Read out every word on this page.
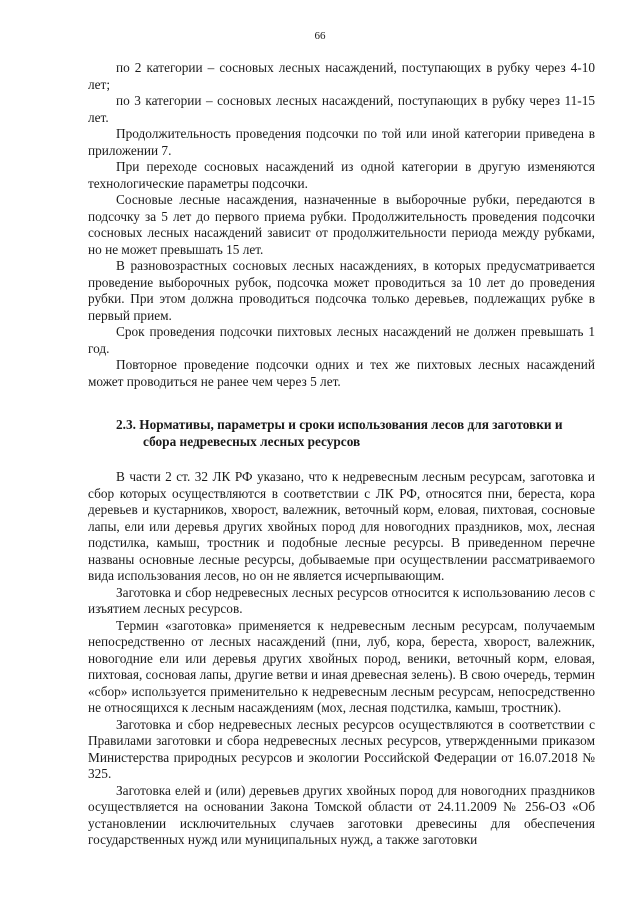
66

по 2 категории – сосновых лесных насаждений, поступающих в рубку через 4-10 лет;

по 3 категории – сосновых лесных насаждений, поступающих в рубку через 11-15 лет.

Продолжительность проведения подсочки по той или иной категории приведена в приложении 7.

При переходе сосновых насаждений из одной категории в другую изменяются технологические параметры подсочки.

Сосновые лесные насаждения, назначенные в выборочные рубки, передаются в подсочку за 5 лет до первого приема рубки. Продолжительность проведения подсочки сосновых лесных насаждений зависит от продолжительности периода между рубками, но не может превышать 15 лет.

В разновозрастных сосновых лесных насаждениях, в которых предусматривается проведение выборочных рубок, подсочка может проводиться за 10 лет до проведения рубки. При этом должна проводиться подсочка только деревьев, подлежащих рубке в первый прием.

Срок проведения подсочки пихтовых лесных насаждений не должен превышать 1 год.

Повторное проведение подсочки одних и тех же пихтовых лесных насаждений может проводиться не ранее чем через 5 лет.

2.3. Нормативы, параметры и сроки использования лесов для заготовки и
сбора недревесных лесных ресурсов

В части 2 ст. 32 ЛК РФ указано, что к недревесным лесным ресурсам, заготовка и сбор которых осуществляются в соответствии с ЛК РФ, относятся пни, береста, кора деревьев и кустарников, хворост, валежник, веточный корм, еловая, пихтовая, сосновые лапы, ели или деревья других хвойных пород для новогодних праздников, мох, лесная подстилка, камыш, тростник и подобные лесные ресурсы. В приведенном перечне названы основные лесные ресурсы, добываемые при осуществлении рассматриваемого вида использования лесов, но он не является исчерпывающим.

Заготовка и сбор недревесных лесных ресурсов относится к использованию лесов с изъятием лесных ресурсов.

Термин «заготовка» применяется к недревесным лесным ресурсам, получаемым непосредственно от лесных насаждений (пни, луб, кора, береста, хворост, валежник, новогодние ели или деревья других хвойных пород, веники, веточный корм, еловая, пихтовая, сосновая лапы, другие ветви и иная древесная зелень). В свою очередь, термин «сбор» используется применительно к недревесным лесным ресурсам, непосредственно не относящихся к лесным насаждениям (мох, лесная подстилка, камыш, тростник).

Заготовка и сбор недревесных лесных ресурсов осуществляются в соответствии с Правилами заготовки и сбора недревесных лесных ресурсов, утвержденными приказом Министерства природных ресурсов и экологии Российской Федерации от 16.07.2018 № 325.

Заготовка елей и (или) деревьев других хвойных пород для новогодних праздников осуществляется на основании Закона Томской области от 24.11.2009 № 256-ОЗ «Об установлении исключительных случаев заготовки древесины для обеспечения государственных нужд или муниципальных нужд, а также заготовки
